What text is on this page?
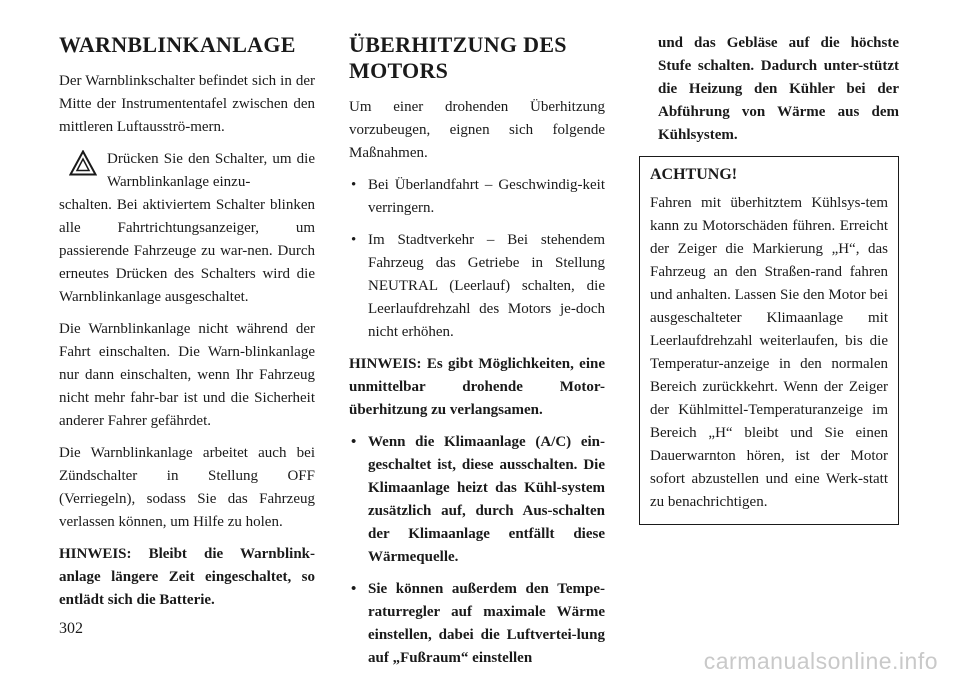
WARNBLINKANLAGE

Der Warnblinkschalter befindet sich in der Mitte der Instrumententafel zwischen den mittleren Luftausströ-mern.

Drücken Sie den Schalter, um die Warnblinkanlage einzu-

schalten. Bei aktiviertem Schalter blinken alle Fahrtrichtungsanzeiger, um passierende Fahrzeuge zu war-nen. Durch erneutes Drücken des Schalters wird die Warnblinkanlage ausgeschaltet.

Die Warnblinkanlage nicht während der Fahrt einschalten. Die Warn-blinkanlage nur dann einschalten, wenn Ihr Fahrzeug nicht mehr fahr-bar ist und die Sicherheit anderer Fahrer gefährdet.

Die Warnblinkanlage arbeitet auch bei Zündschalter in Stellung OFF (Verriegeln), sodass Sie das Fahrzeug verlassen können, um Hilfe zu holen.

HINWEIS: Bleibt die Warnblink-anlage längere Zeit eingeschaltet, so entlädt sich die Batterie.

ÜBERHITZUNG DES MOTORS

Um einer drohenden Überhitzung vorzubeugen, eignen sich folgende Maßnahmen.

• Bei Überlandfahrt – Geschwindig-keit verringern.
• Im Stadtverkehr – Bei stehendem Fahrzeug das Getriebe in Stellung NEUTRAL (Leerlauf) schalten, die Leerlaufdrehzahl des Motors je-doch nicht erhöhen.

HINWEIS: Es gibt Möglichkeiten, eine unmittelbar drohende Motor-überhitzung zu verlangsamen.

• Wenn die Klimaanlage (A/C) ein-geschaltet ist, diese ausschalten. Die Klimaanlage heizt das Kühl-system zusätzlich auf, durch Aus-schalten der Klimaanlage entfällt diese Wärmequelle.
• Sie können außerdem den Tempe-raturregler auf maximale Wärme einstellen, dabei die Luftvertei-lung auf „Fußraum“ einstellen

und das Gebläse auf die höchste Stufe schalten. Dadurch unter-stützt die Heizung den Kühler bei der Abführung von Wärme aus dem Kühlsystem.

ACHTUNG!

Fahren mit überhitztem Kühlsys-tem kann zu Motorschäden führen. Erreicht der Zeiger die Markierung „H“, das Fahrzeug an den Straßen-rand fahren und anhalten. Lassen Sie den Motor bei ausgeschalteter Klimaanlage mit Leerlaufdrehzahl weiterlaufen, bis die Temperatur-anzeige in den normalen Bereich zurückkehrt. Wenn der Zeiger der Kühlmittel-Temperaturanzeige im Bereich „H“ bleibt und Sie einen Dauerwarnton hören, ist der Motor sofort abzustellen und eine Werk-statt zu benachrichtigen.

302
carmanualsonline.info
